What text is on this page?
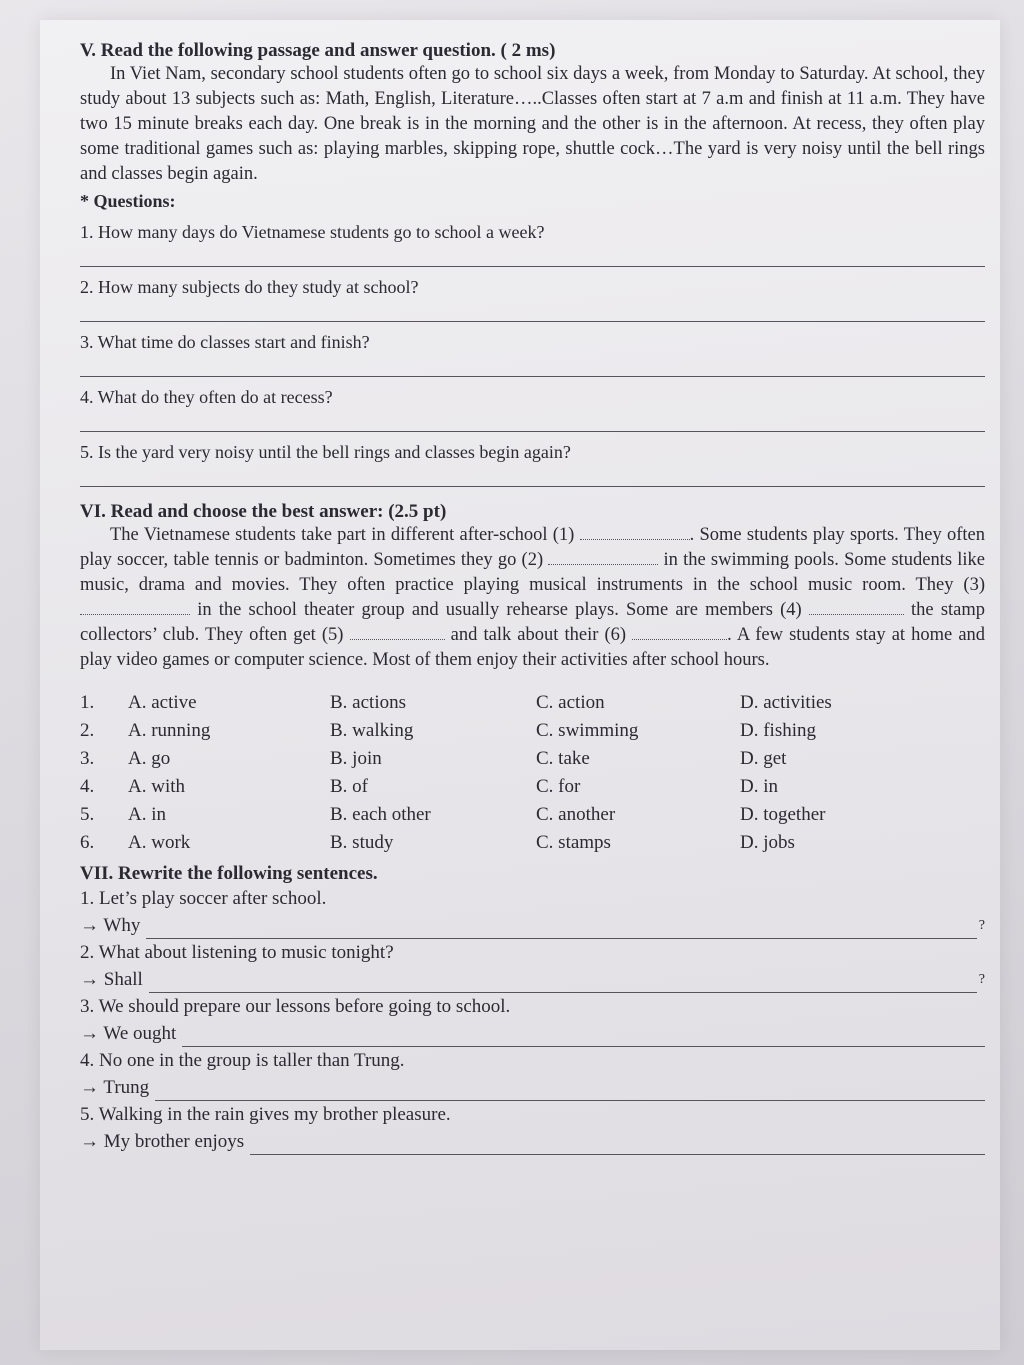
V. Read the following passage and answer question. ( 2 ms)
In Viet Nam, secondary school students often go to school six days a week, from Monday to Saturday. At school, they study about 13 subjects such as: Math, English, Literature…..Classes often start at 7 a.m and finish at 11 a.m. They have two 15 minute breaks each day. One break is in the morning and the other is in the afternoon. At recess, they often play some traditional games such as: playing marbles, skipping rope, shuttle cock…The yard is very noisy until the bell rings and classes begin again.
* Questions:
1. How many days do Vietnamese students go to school a week?
2. How many subjects do they study at school?
3. What time do classes start and finish?
4. What do they often do at recess?
5. Is the yard very noisy until the bell rings and classes begin again?
VI. Read and choose the best answer: (2.5 pt)
The Vietnamese students take part in different after-school (1)	. Some students play sports. They often play soccer, table tennis or badminton. Sometimes they go (2)	in the swimming pools. Some students like music, drama and movies. They often practice playing musical instruments in the school music room. They (3)  in the school theater group and usually rehearse plays. Some are members (4)	the stamp collectors’ club. They often get (5)	and talk about their (6)	. A few students stay at home and play video games or computer science. Most of them enjoy their activities after school hours.
1.	A. active	B. actions	C. action	D. activities
2.	A. running	B. walking	C. swimming	D. fishing
3.	A. go	B. join	C. take	D. get
4.	A. with	B. of	C. for	D. in
5.	A. in	B. each other	C. another	D. together
6.	A. work	B. study	C. stamps	D. jobs
VII. Rewrite the following sentences.
1. Let’s play soccer after school.
→ Why	?
2. What about listening to music tonight?
→ Shall	?
3. We should prepare our lessons before going to school.
→ We ought
4. No one in the group is taller than Trung.
→ Trung
5. Walking in the rain gives my brother pleasure.
→ My brother enjoys
